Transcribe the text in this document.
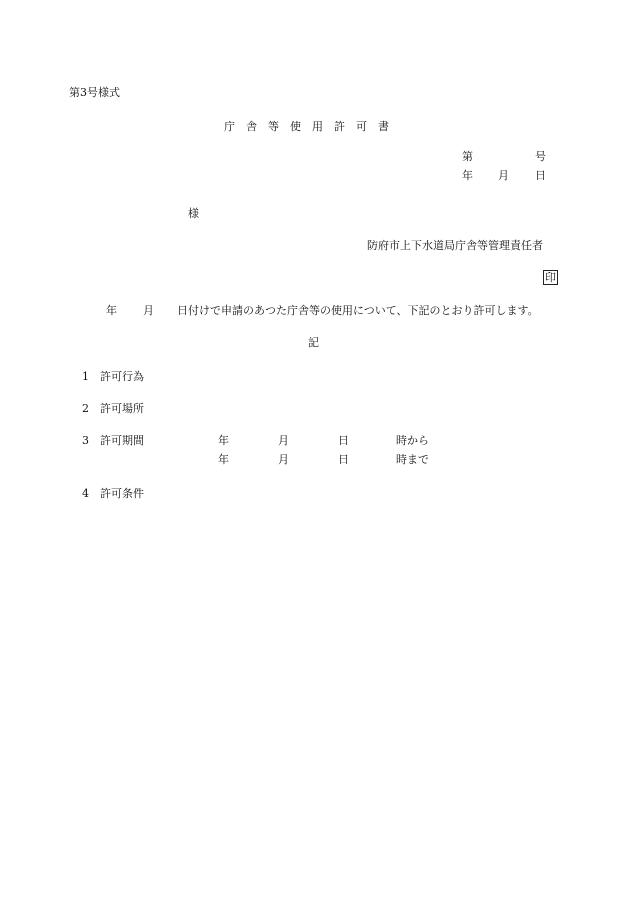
第3号様式
庁　舎　等　使　用　許　可　書
第	号
年 月 日
様
防府市上下水道局庁舎等管理責任者
印
年 月 日付けで申請のあつた庁舎等の使用について、下記のとおり許可します。
記
1 許可行為
2 許可場所
3 許可期間	年	月	日	時から
年	月	日	時まで
4 許可条件
